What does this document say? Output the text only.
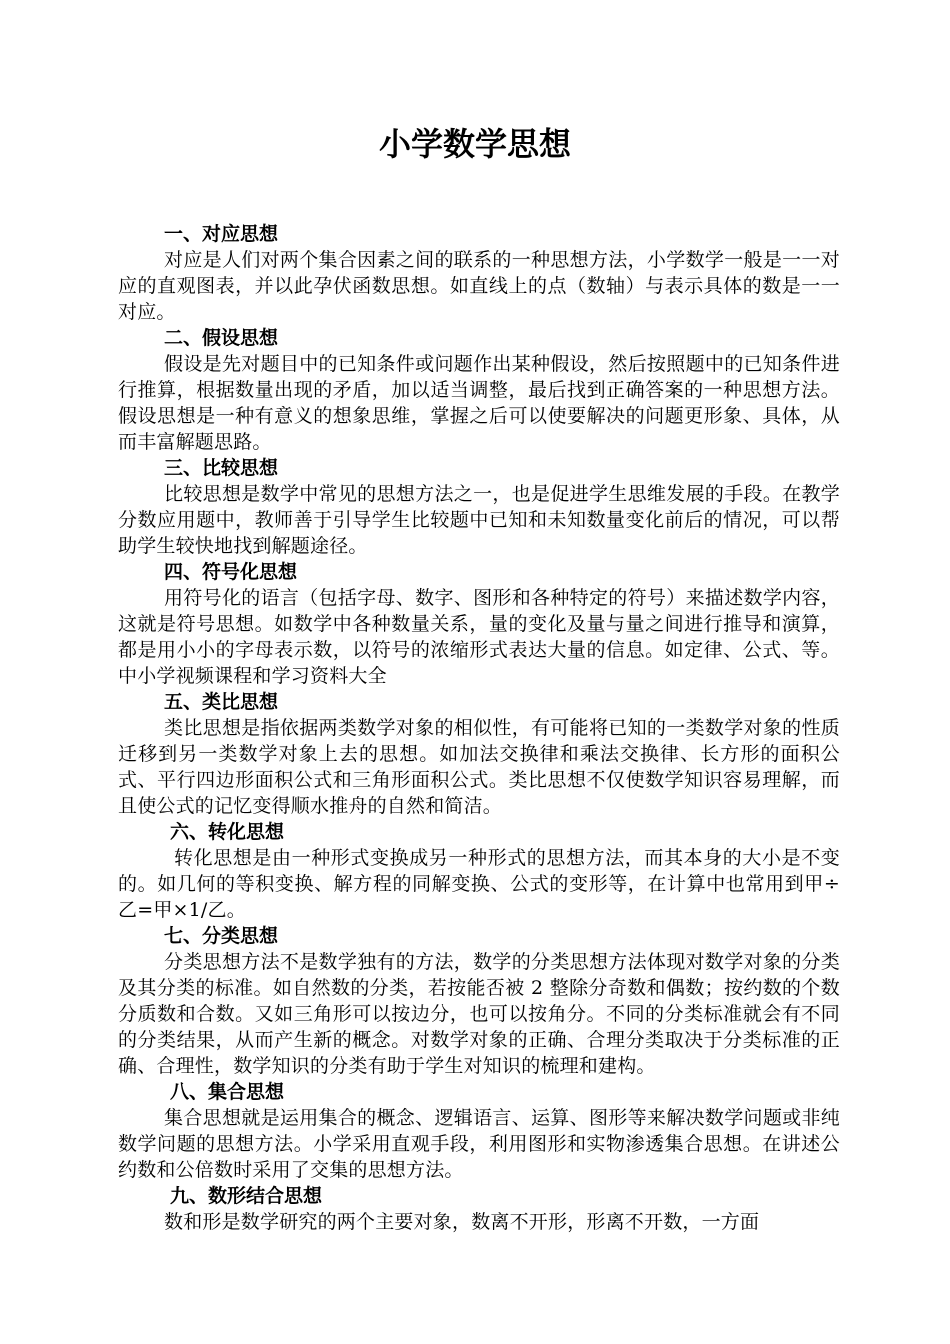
小学数学思想
一、对应思想

对应是人们对两个集合因素之间的联系的一种思想方法，小学数学一般是一一对应的直观图表，并以此孕伏函数思想。如直线上的点（数轴）与表示具体的数是一一对应。

二、假设思想

假设是先对题目中的已知条件或问题作出某种假设，然后按照题中的已知条件进行推算，根据数量出现的矛盾，加以适当调整，最后找到正确答案的一种思想方法。假设思想是一种有意义的想象思维，掌握之后可以使要解决的问题更形象、具体，从而丰富解题思路。

三、比较思想

比较思想是数学中常见的思想方法之一，也是促进学生思维发展的手段。在教学分数应用题中，教师善于引导学生比较题中已知和未知数量变化前后的情况，可以帮助学生较快地找到解题途径。

四、符号化思想

用符号化的语言（包括字母、数字、图形和各种特定的符号）来描述数学内容，这就是符号思想。如数学中各种数量关系，量的变化及量与量之间进行推导和演算，都是用小小的字母表示数，以符号的浓缩形式表达大量的信息。如定律、公式、等。中小学视频课程和学习资料大全

五、类比思想

类比思想是指依据两类数学对象的相似性，有可能将已知的一类数学对象的性质迁移到另一类数学对象上去的思想。如加法交换律和乘法交换律、长方形的面积公式、平行四边形面积公式和三角形面积公式。类比思想不仅使数学知识容易理解，而且使公式的记忆变得顺水推舟的自然和简洁。

六、转化思想

转化思想是由一种形式变换成另一种形式的思想方法，而其本身的大小是不变的。如几何的等积变换、解方程的同解变换、公式的变形等，在计算中也常用到甲÷乙=甲×1/乙。

七、分类思想

分类思想方法不是数学独有的方法，数学的分类思想方法体现对数学对象的分类及其分类的标准。如自然数的分类，若按能否被 2 整除分奇数和偶数；按约数的个数分质数和合数。又如三角形可以按边分，也可以按角分。不同的分类标准就会有不同的分类结果，从而产生新的概念。对数学对象的正确、合理分类取决于分类标准的正确、合理性，数学知识的分类有助于学生对知识的梳理和建构。

八、集合思想

集合思想就是运用集合的概念、逻辑语言、运算、图形等来解决数学问题或非纯数学问题的思想方法。小学采用直观手段，利用图形和实物渗透集合思想。在讲述公约数和公倍数时采用了交集的思想方法。

九、数形结合思想

数和形是数学研究的两个主要对象，数离不开形，形离不开数，一方面
